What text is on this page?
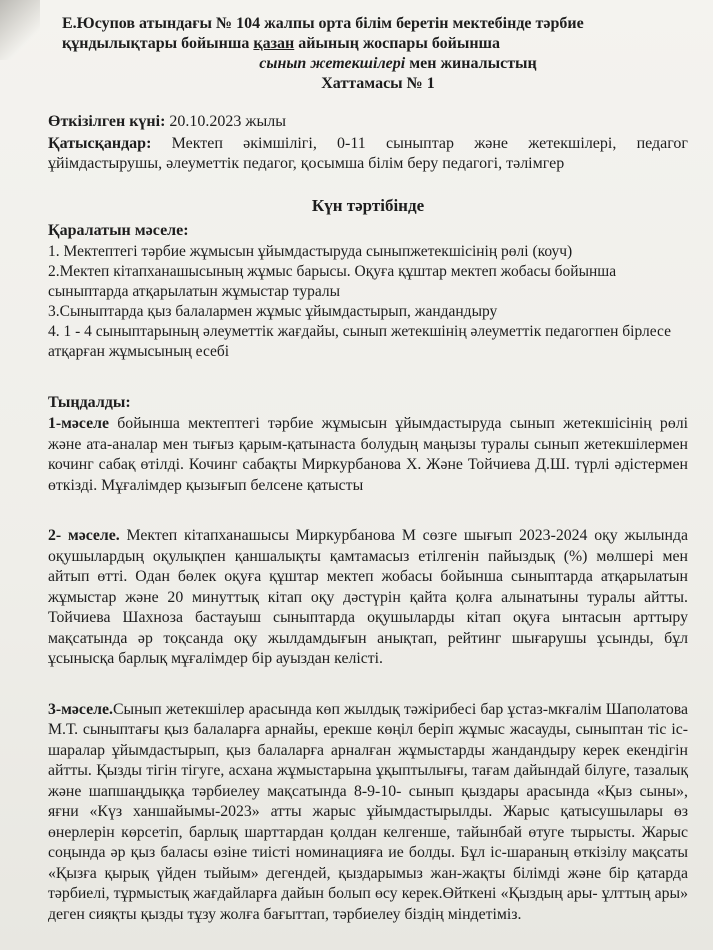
Е.Юсупов атындағы № 104 жалпы орта білім беретін мектебінде тәрбие

құндылықтары бойынша қазан айының жоспары бойынша

сынып жетекшілері мен жиналыстың

Хаттамасы № 1

Өткізілген күні: 20.10.2023 жылы

Қатысқандар: Мектеп әкімшілігі, 0-11 сыныптар және жетекшілері, педагог ұйімдастырушы, әлеуметтік педагог, қосымша білім беру педагогі, тәлімгер

Күн тәртібінде
Қаралатын мәселе:
1. Мектептегі тәрбие жұмысын ұйымдастыруда сыныпжетекшісінің рөлі (коуч)
2.Мектеп кітапханашысының жұмыс барысы. Оқуға құштар мектеп жобасы бойынша сыныптарда атқарылатын жұмыстар туралы
3.Сыныптарда қыз балалармен жұмыс ұйымдастырып, жандандыру
4. 1 - 4 сыныптарының әлеуметтік жағдайы, сынып жетекшінің әлеуметтік педагогпен бірлесе атқарған жұмысының есебі
Тыңдалды:

1-мәселе бойынша мектептегі тәрбие жұмысын ұйымдастыруда сынып жетекшісінің рөлі және ата-аналар мен тығыз қарым-қатынаста болудың маңызы туралы сынып жетекшілермен кочинг сабақ өтілді. Кочинг сабақты Миркурбанова Х. Жәнe Тойчиева Д.Ш. түрлі әдістермен өткізді. Мұғалімдер қызығып белсене қатысты

2- мәселе. Мектеп кітапханашысы Миркурбанова М сөзге шығып 2023-2024 оқу жылында оқушылардың оқулықпен қаншалықты қамтамасыз етілгенін пайыздық (%) мөлшері мен айтып өтті. Одан бөлек оқуға құштар мектеп жобасы бойынша сыныптарда атқарылатын жұмыстар және 20 минуттық кітап оқу дәстүрін қайта қолға алынатыны туралы айтты. Тойчиева Шахноза бастауыш сыныптарда оқушыларды кітап оқуға ынтасын арттыру мақсатында әр тоқсанда оқу жылдамдығын анықтап, рейтинг шығарушы ұсынды, бұл ұсынысқа барлық мұғалімдер бір ауыздан келісті.

3-мәселе.Сынып жетекшілер арасында көп жылдық тәжірибесі бар ұстаз-мкғалім Шаполатова М.Т. сыныптағы қыз балаларға арнайы, ерекше көңіл беріп жұмыс жасауды, сыныптан тіс іс-шаралар ұйымдастырып, қыз балаларға арналған жұмыстарды жандандыру керек екендігін айтты. Қызды тігін тігуге, асхана жұмыстарына ұқыптылығы, тағам дайындай білуге, тазалық және шапшаңдыққа тәрбиелеу мақсатында 8-9-10- сынып қыздары арасында «Қыз сыны», яғни «Күз ханшайымы-2023» атты жарыс ұйымдастырылды. Жарыс қатысушылары өз өнерлерін көрсетіп, барлық шарттардан қолдан келгенше, тайынбай өтуге тырысты. Жарыс соңында әр қыз баласы өзіне тиісті номинацияға ие болды. Бұл іс-шараның өткізілу мақсаты «Қызға қырық үйден тыйым» дегендей, қыздарымыз жан-жақты білімді және бір қатарда тәрбиелі, тұрмыстық жағдайларға дайын болып өсу керек.Өйткені «Қыздың ары- ұлттың ары» деген сияқты қызды тұзу жолға бағыттап, тәрбиелеу біздің міндетіміз.
